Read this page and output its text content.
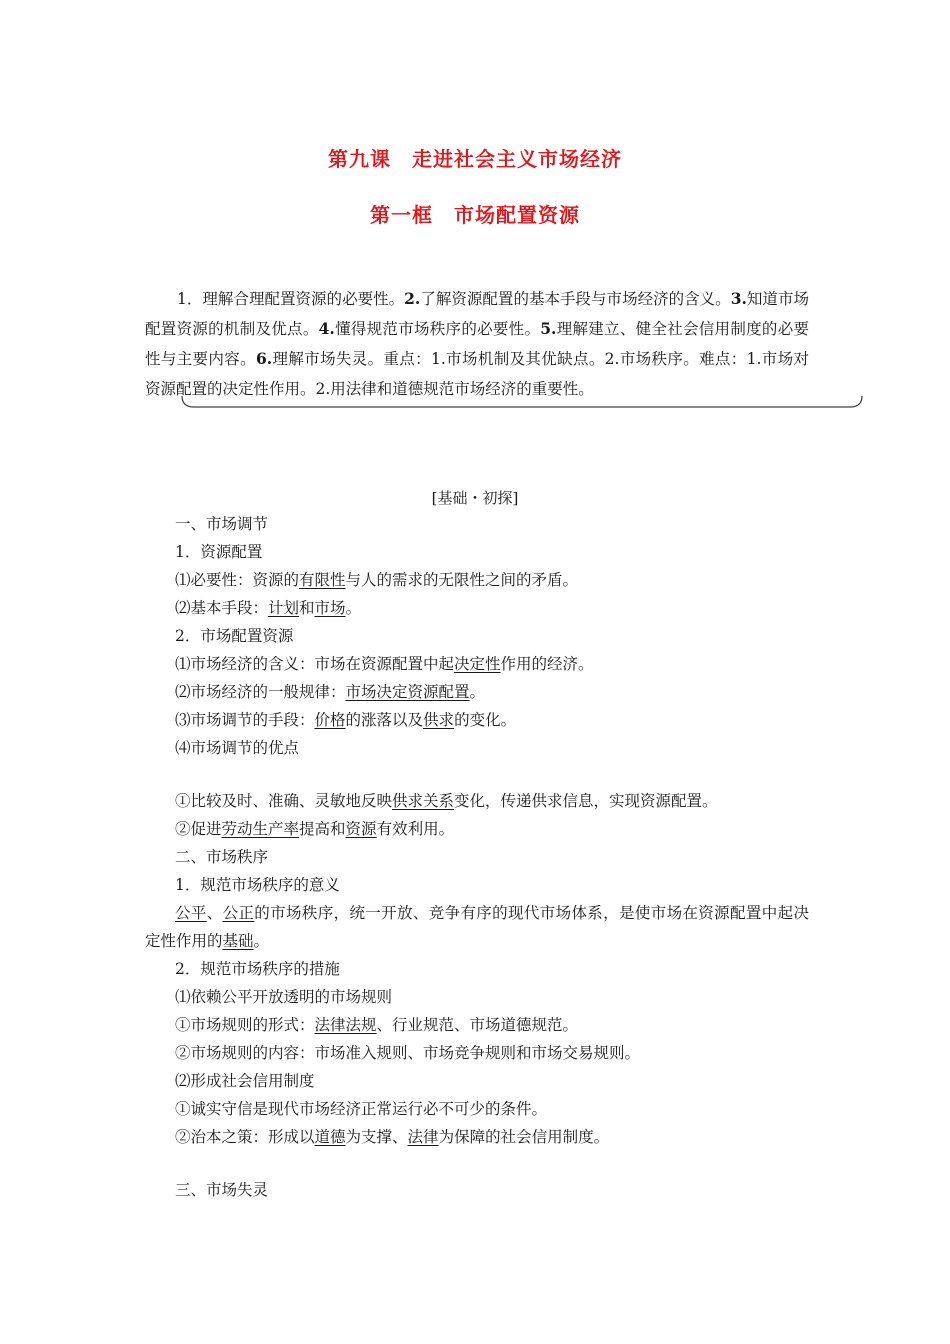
第九课　走进社会主义市场经济
第一框　市场配置资源
1．理解合理配置资源的必要性。2.了解资源配置的基本手段与市场经济的含义。3.知道市场配置资源的机制及优点。4.懂得规范市场秩序的必要性。5.理解建立、健全社会信用制度的必要性与主要内容。6.理解市场失灵。重点：1.市场机制及其优缺点。2.市场秩序。难点：1.市场对资源配置的决定性作用。2.用法律和道德规范市场经济的重要性。
[基础・初探]
一、市场调节
1．资源配置
⑴必要性：资源的有限性与人的需求的无限性之间的矛盾。
⑵基本手段：计划和市场。
2．市场配置资源
⑴市场经济的含义：市场在资源配置中起决定性作用的经济。
⑵市场经济的一般规律：市场决定资源配置。
⑶市场调节的手段：价格的涨落以及供求的变化。
⑷市场调节的优点
①比较及时、准确、灵敏地反映供求关系变化，传递供求信息，实现资源配置。
②促进劳动生产率提高和资源有效利用。
二、市场秩序
1．规范市场秩序的意义
公平、公正的市场秩序，统一开放、竞争有序的现代市场体系，是使市场在资源配置中起决定性作用的基础。
2．规范市场秩序的措施
⑴依赖公平开放透明的市场规则
①市场规则的形式：法律法规、行业规范、市场道德规范。
②市场规则的内容：市场准入规则、市场竞争规则和市场交易规则。
⑵形成社会信用制度
①诚实守信是现代市场经济正常运行必不可少的条件。
②治本之策：形成以道德为支撑、法律为保障的社会信用制度。
三、市场失灵
